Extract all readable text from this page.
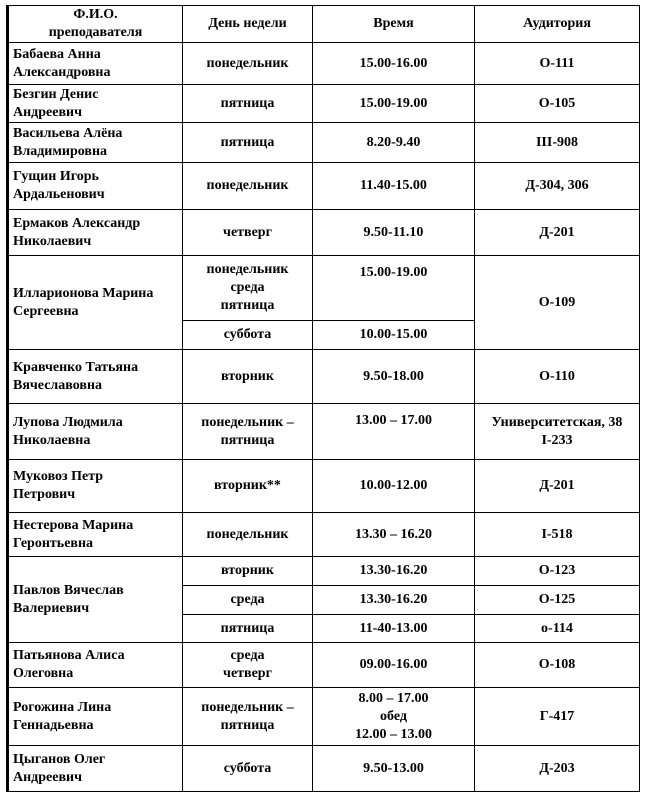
Ф.И.О.
преподавателя	День недели	Время	Аудитория
Бабаева Анна
Александровна	понедельник	15.00-16.00	О-111
Безгин Денис
Андреевич	пятница	15.00-19.00	О-105
Васильева Алёна
Владимировна	пятница	8.20-9.40	III-908
Гущин Игорь
Ардальенович	понедельник	11.40-15.00	Д-304, 306
Ермаков Александр
Николаевич	четверг	9.50-11.10	Д-201
Илларионова Марина
Сергеевна	понедельник
среда
пятница	15.00-19.00	О-109
	суббота	10.00-15.00	
Кравченко Татьяна
Вячеславовна	вторник	9.50-18.00	О-110
Лупова Людмила
Николаевна	понедельник –
пятница	13.00 – 17.00	Университетская, 38
I-233
Муковоз Петр
Петрович	вторник**	10.00-12.00	Д-201
Нестерова Марина
Геронтьевна	понедельник	13.30 – 16.20	I-518
Павлов Вячеслав
Валериевич	вторник	13.30-16.20	О-123
	среда	13.30-16.20	О-125
	пятница	11-40-13.00	о-114
Патьянова Алиса
Олеговна	среда
четверг	09.00-16.00	О-108
Рогожина Лина
Геннадьевна	понедельник –
пятница	8.00 – 17.00
обед
12.00 – 13.00	Г-417
Цыганов Олег
Андреевич	суббота	9.50-13.00	Д-203
